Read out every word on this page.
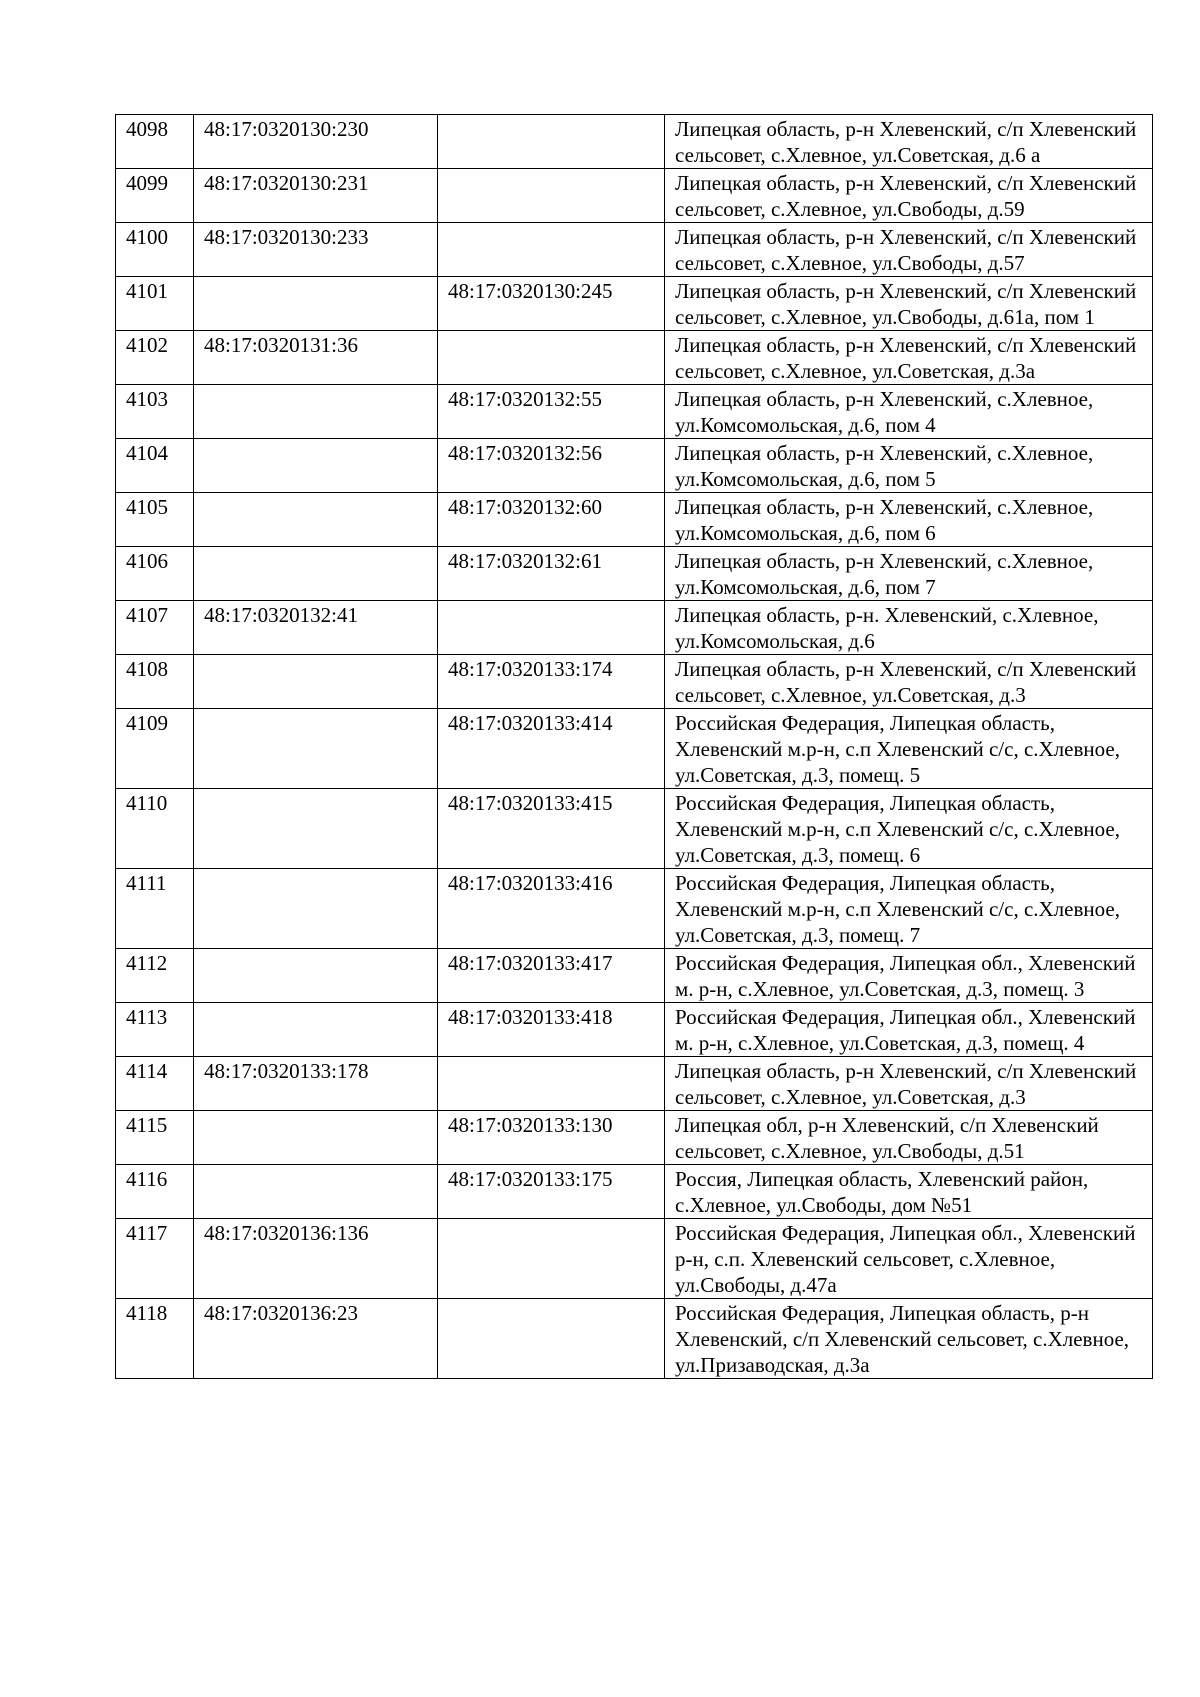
4098	48:17:0320130:230		Липецкая область, р-н Хлевенский, с/п Хлевенский сельсовет, с.Хлевное, ул.Советская, д.6 а
4099	48:17:0320130:231		Липецкая область, р-н Хлевенский, с/п Хлевенский сельсовет, с.Хлевное, ул.Свободы, д.59
4100	48:17:0320130:233		Липецкая область, р-н Хлевенский, с/п Хлевенский сельсовет, с.Хлевное, ул.Свободы, д.57
4101		48:17:0320130:245	Липецкая область, р-н Хлевенский, с/п Хлевенский сельсовет, с.Хлевное, ул.Свободы, д.61а, пом 1
4102	48:17:0320131:36		Липецкая область, р-н Хлевенский, с/п Хлевенский сельсовет, с.Хлевное, ул.Советская, д.3а
4103		48:17:0320132:55	Липецкая область, р-н Хлевенский, с.Хлевное, ул.Комсомольская, д.6, пом 4
4104		48:17:0320132:56	Липецкая область, р-н Хлевенский, с.Хлевное, ул.Комсомольская, д.6, пом 5
4105		48:17:0320132:60	Липецкая область, р-н Хлевенский, с.Хлевное, ул.Комсомольская, д.6, пом 6
4106		48:17:0320132:61	Липецкая область, р-н Хлевенский, с.Хлевное, ул.Комсомольская, д.6, пом 7
4107	48:17:0320132:41		Липецкая область, р-н. Хлевенский, с.Хлевное, ул.Комсомольская, д.6
4108		48:17:0320133:174	Липецкая область, р-н Хлевенский, с/п Хлевенский сельсовет, с.Хлевное, ул.Советская, д.3
4109		48:17:0320133:414	Российская Федерация, Липецкая область, Хлевенский м.р-н, с.п Хлевенский с/с, с.Хлевное, ул.Советская, д.3, помещ. 5
4110		48:17:0320133:415	Российская Федерация, Липецкая область, Хлевенский м.р-н, с.п Хлевенский с/с, с.Хлевное, ул.Советская, д.3, помещ. 6
4111		48:17:0320133:416	Российская Федерация, Липецкая область, Хлевенский м.р-н, с.п Хлевенский с/с, с.Хлевное, ул.Советская, д.3, помещ. 7
4112		48:17:0320133:417	Российская Федерация, Липецкая обл., Хлевенский м. р-н, с.Хлевное, ул.Советская, д.3, помещ. 3
4113		48:17:0320133:418	Российская Федерация, Липецкая обл., Хлевенский м. р-н, с.Хлевное, ул.Советская, д.3, помещ. 4
4114	48:17:0320133:178		Липецкая область, р-н Хлевенский, с/п Хлевенский сельсовет, с.Хлевное, ул.Советская, д.3
4115		48:17:0320133:130	Липецкая обл, р-н Хлевенский, с/п Хлевенский сельсовет, с.Хлевное, ул.Свободы, д.51
4116		48:17:0320133:175	Россия, Липецкая область, Хлевенский район, с.Хлевное, ул.Свободы, дом №51
4117	48:17:0320136:136		Российская Федерация, Липецкая обл., Хлевенский р-н, с.п. Хлевенский сельсовет, с.Хлевное, ул.Свободы, д.47а
4118	48:17:0320136:23		Российская Федерация, Липецкая область, р-н Хлевенский, с/п Хлевенский сельсовет, с.Хлевное, ул.Призаводская, д.3а
